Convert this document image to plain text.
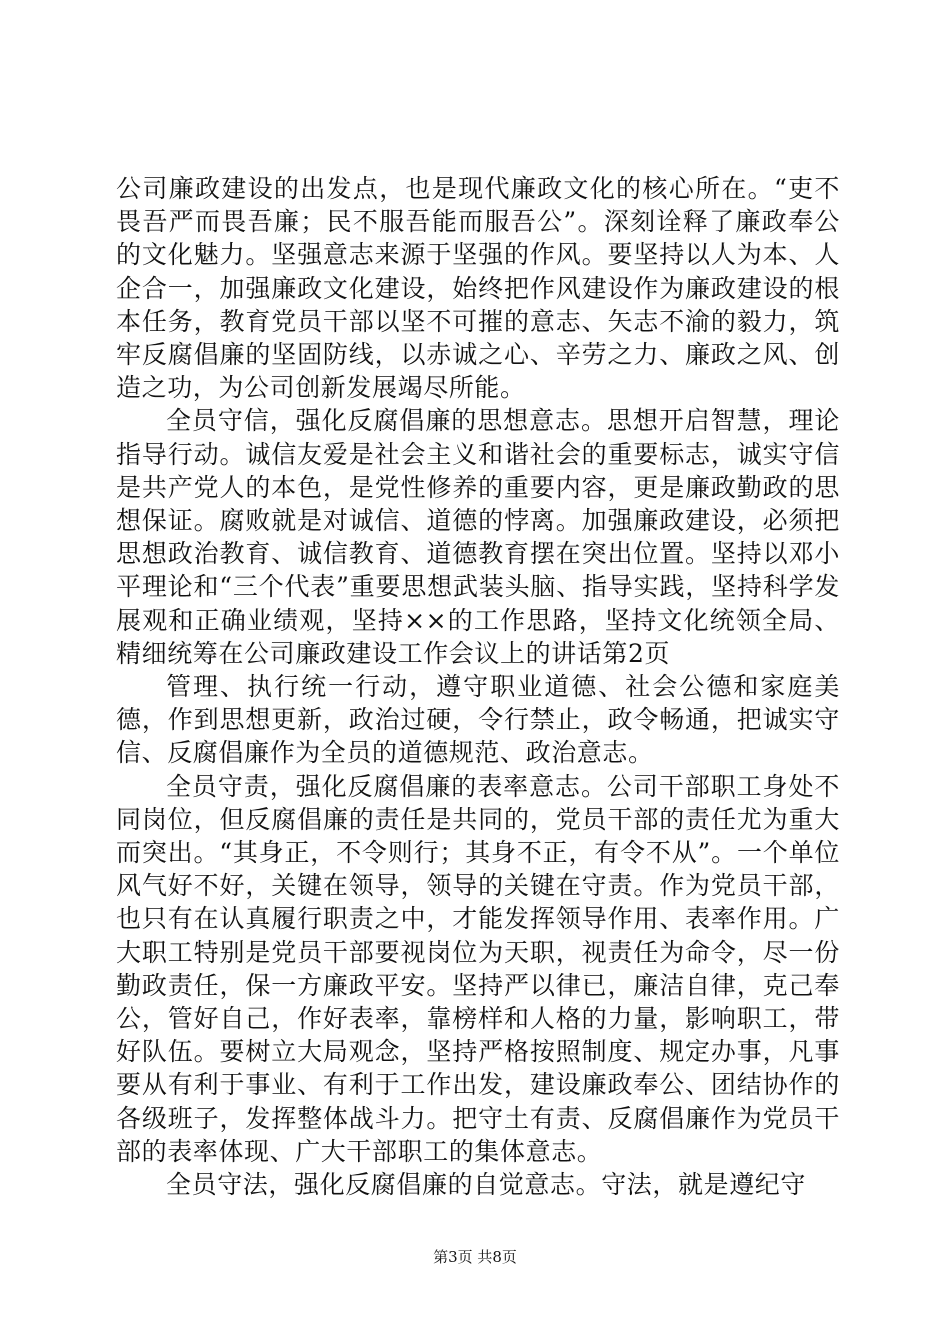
公司廉政建设的出发点，也是现代廉政文化的核心所在。“吏不畏吾严而畏吾廉；民不服吾能而服吾公”。深刻诠释了廉政奉公的文化魅力。坚强意志来源于坚强的作风。要坚持以人为本、人企合一，加强廉政文化建设，始终把作风建设作为廉政建设的根本任务，教育党员干部以坚不可摧的意志、矢志不渝的毅力，筑牢反腐倡廉的坚固防线，以赤诚之心、辛劳之力、廉政之风、创造之功，为公司创新发展竭尽所能。

全员守信，强化反腐倡廉的思想意志。思想开启智慧，理论指导行动。诚信友爱是社会主义和谐社会的重要标志，诚实守信是共产党人的本色，是党性修养的重要内容，更是廉政勤政的思想保证。腐败就是对诚信、道德的悖离。加强廉政建设，必须把思想政治教育、诚信教育、道德教育摆在突出位置。坚持以邓小平理论和“三个代表”重要思想武装头脑、指导实践，坚持科学发展观和正确业绩观，坚持××的工作思路，坚持文化统领全局、精细统筹在公司廉政建设工作会议上的讲话第2页

管理、执行统一行动，遵守职业道德、社会公德和家庭美德，作到思想更新，政治过硬，令行禁止，政令畅通，把诚实守信、反腐倡廉作为全员的道德规范、政治意志。

全员守责，强化反腐倡廉的表率意志。公司干部职工身处不同岗位，但反腐倡廉的责任是共同的，党员干部的责任尤为重大而突出。“其身正，不令则行；其身不正，有令不从”。一个单位风气好不好，关键在领导，领导的关键在守责。作为党员干部，也只有在认真履行职责之中，才能发挥领导作用、表率作用。广大职工特别是党员干部要视岗位为天职，视责任为命令，尽一份勤政责任，保一方廉政平安。坚持严以律已，廉洁自律，克己奉公，管好自己，作好表率，靠榜样和人格的力量，影响职工，带好队伍。要树立大局观念，坚持严格按照制度、规定办事，凡事要从有利于事业、有利于工作出发，建设廉政奉公、团结协作的各级班子，发挥整体战斗力。把守土有责、反腐倡廉作为党员干部的表率体现、广大干部职工的集体意志。

全员守法，强化反腐倡廉的自觉意志。守法，就是遵纪守

第3页 共8页
